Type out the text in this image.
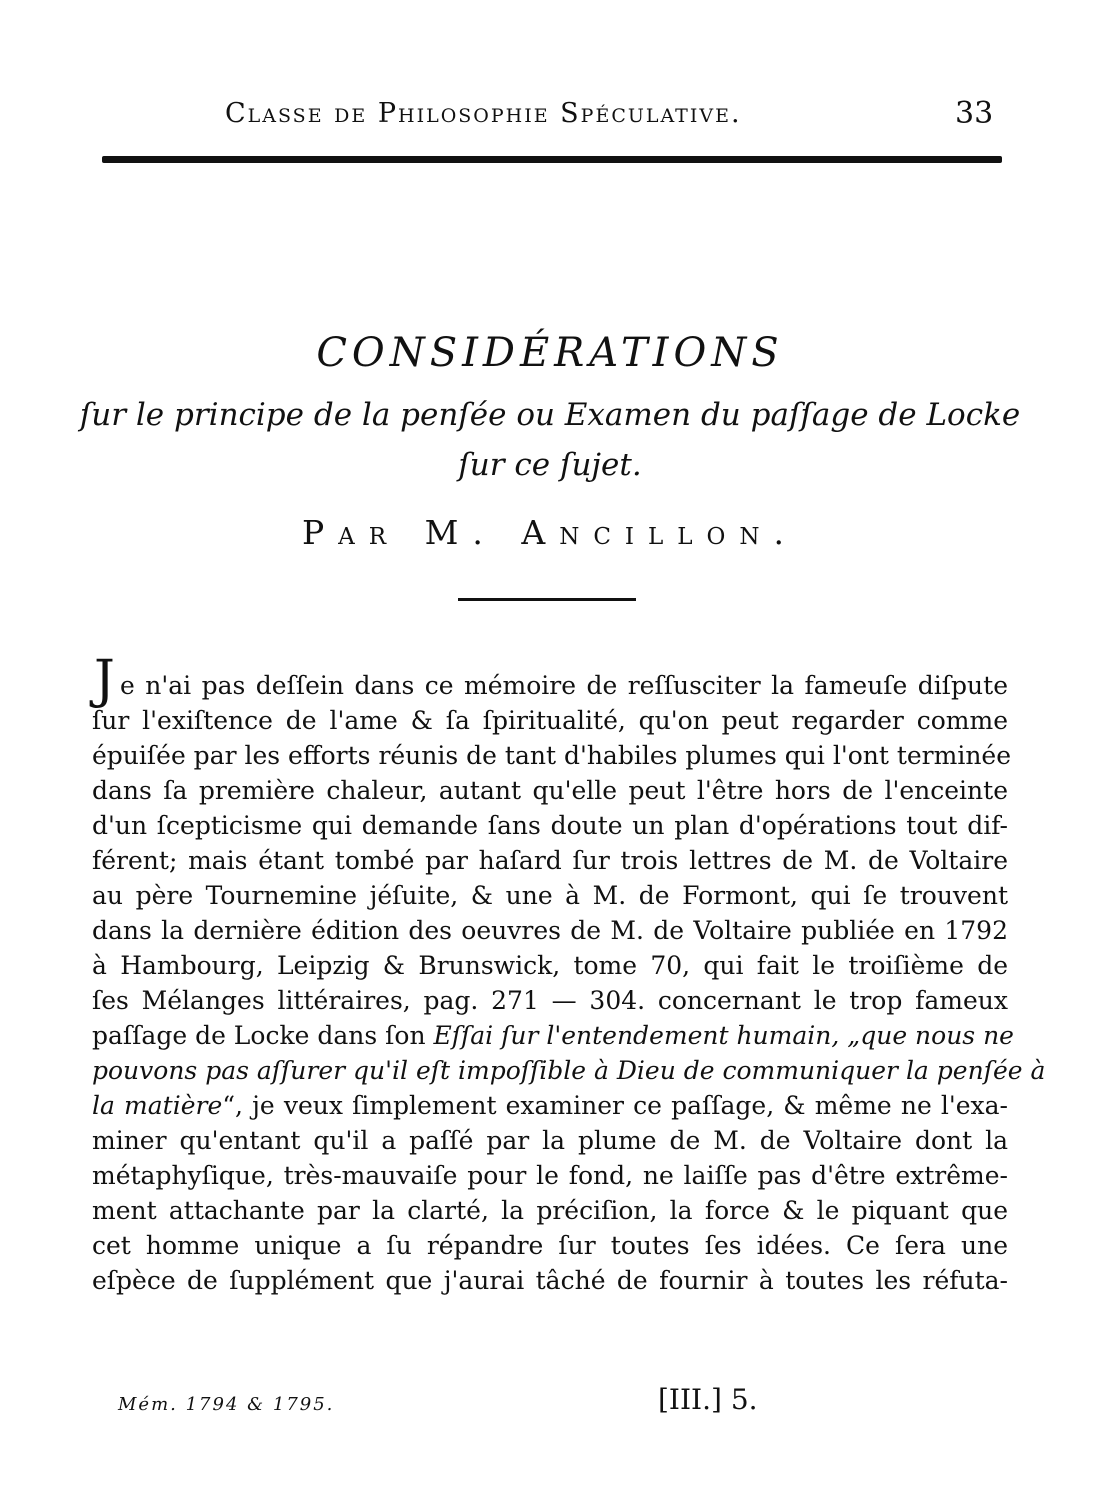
Classe de Philosophie Spéculative.	33
CONSIDÉRATIONS
ſur le principe de la penſée ou Examen du paſſage de Locke
ſur ce ſujet.
Par M. Ancillon.
J e n'ai pas deſſein dans ce mémoire de reſſusciter la fameuſe diſpute
ſur l'exiſtence de l'ame & ſa ſpiritualité, qu'on peut regarder comme
épuiſée par les efforts réunis de tant d'habiles plumes qui l'ont terminée
dans ſa première chaleur, autant qu'elle peut l'être hors de l'enceinte
d'un ſcepticisme qui demande ſans doute un plan d'opérations tout dif-
férent; mais étant tombé par haſard ſur trois lettres de M. de Voltaire
au père Tournemine jéſuite, & une à M. de Formont, qui ſe trouvent
dans la dernière édition des oeuvres de M. de Voltaire publiée en 1792
à Hambourg, Leipzig & Brunswick, tome 70, qui fait le troiſième de
ſes Mélanges littéraires, pag. 271 — 304. concernant le trop fameux
paſſage de Locke dans ſon Eſſai ſur l'entendement humain, „que nous ne
pouvons pas aſſurer qu'il eſt impoſſible à Dieu de communiquer la penſée à
la matière“, je veux ſimplement examiner ce paſſage, & même ne l'exa-
miner qu'entant qu'il a paſſé par la plume de M. de Voltaire dont la
métaphyſique, très-mauvaiſe pour le fond, ne laiſſe pas d'être extrême-
ment attachante par la clarté, la préciſion, la force & le piquant que
cet homme unique a ſu répandre ſur toutes ſes idées. Ce ſera une
eſpèce de ſupplément que j'aurai tâché de fournir à toutes les réfuta-
Mém. 1794 & 1795.	[III.] 5.
